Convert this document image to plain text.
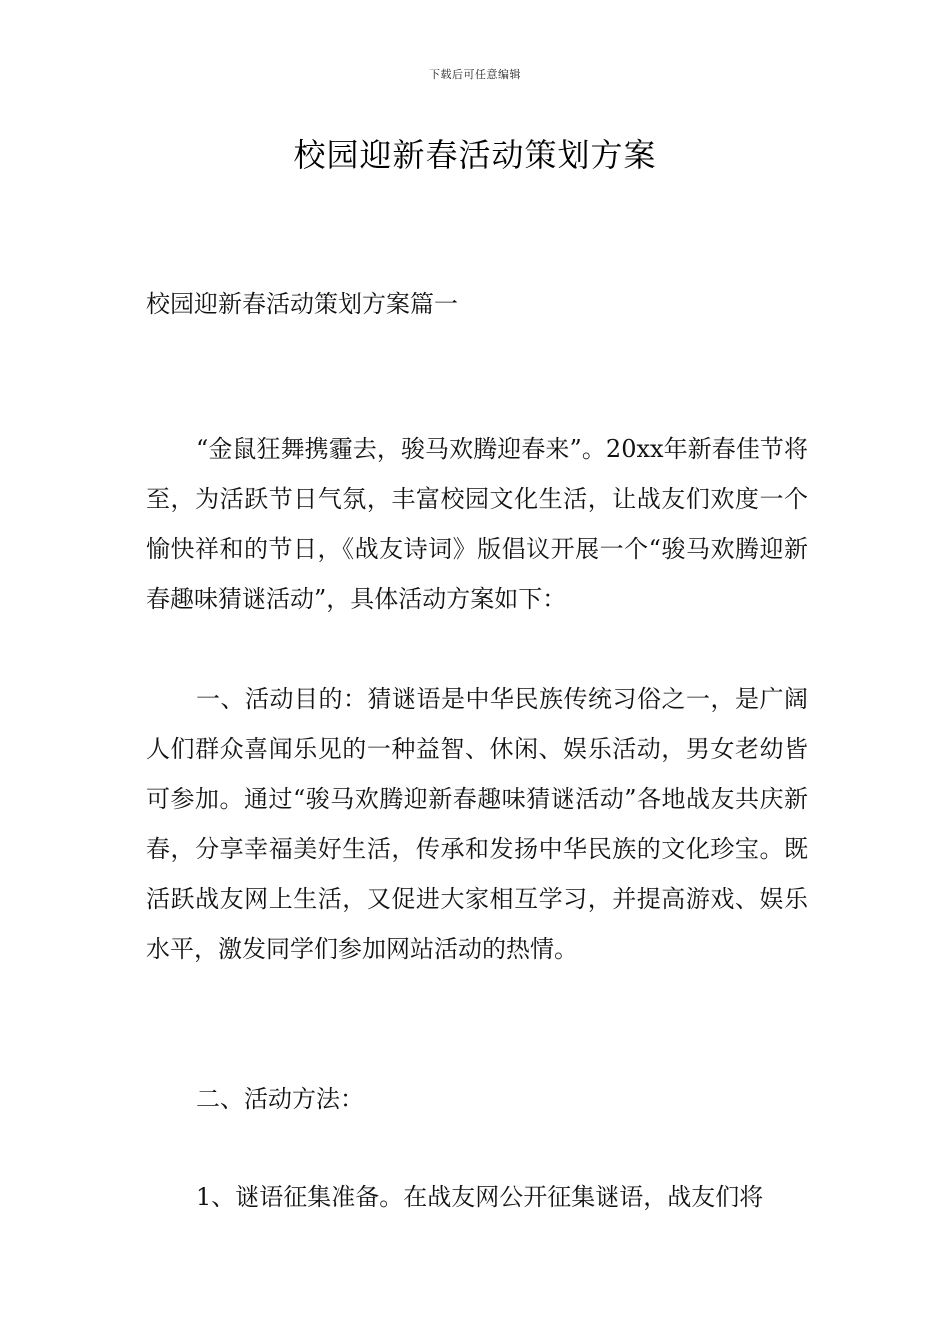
下载后可任意编辑
校园迎新春活动策划方案
校园迎新春活动策划方案篇一

“金鼠狂舞携霾去，骏马欢腾迎春来”。20xx年新春佳节将至，为活跃节日气氛，丰富校园文化生活，让战友们欢度一个愉快祥和的节日，《战友诗词》版倡议开展一个“骏马欢腾迎新春趣味猜谜活动”，具体活动方案如下：

一、活动目的：猜谜语是中华民族传统习俗之一，是广阔人们群众喜闻乐见的一种益智、休闲、娱乐活动，男女老幼皆可参加。通过“骏马欢腾迎新春趣味猜谜活动”各地战友共庆新春，分享幸福美好生活，传承和发扬中华民族的文化珍宝。既活跃战友网上生活，又促进大家相互学习，并提高游戏、娱乐水平，激发同学们参加网站活动的热情。

二、活动方法：

1、谜语征集准备。在战友网公开征集谜语，战友们将
